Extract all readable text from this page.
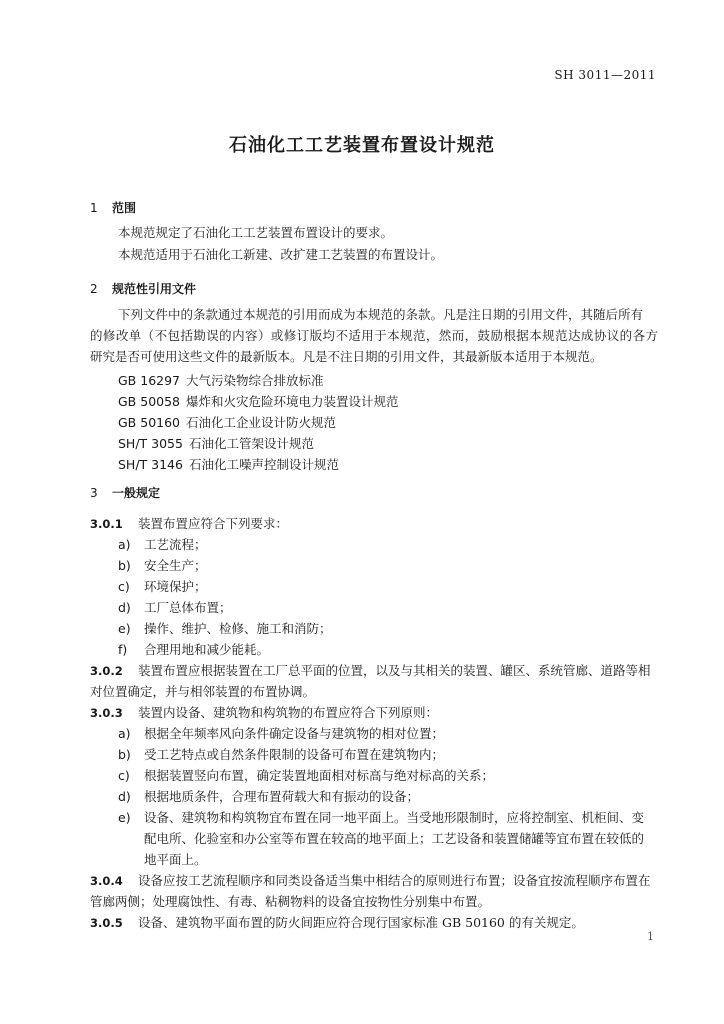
SH 3011—2011
石油化工工艺装置布置设计规范
1 范围
本规范规定了石油化工工艺装置布置设计的要求。
本规范适用于石油化工新建、改扩建工艺装置的布置设计。
2 规范性引用文件
下列文件中的条款通过本规范的引用而成为本规范的条款。凡是注日期的引用文件，其随后所有
的修改单（不包括勘误的内容）或修订版均不适用于本规范，然而，鼓励根据本规范达成协议的各方
研究是否可使用这些文件的最新版本。凡是不注日期的引用文件，其最新版本适用于本规范。
GB 16297 大气污染物综合排放标准
GB 50058 爆炸和火灾危险环境电力装置设计规范
GB 50160 石油化工企业设计防火规范
SH/T 3055 石油化工管架设计规范
SH/T 3146 石油化工噪声控制设计规范
3 一般规定
3.0.1 装置布置应符合下列要求：
a) 工艺流程；
b) 安全生产；
c) 环境保护；
d) 工厂总体布置；
e) 操作、维护、检修、施工和消防；
f) 合理用地和减少能耗。
3.0.2 装置布置应根据装置在工厂总平面的位置，以及与其相关的装置、罐区、系统管廊、道路等相
对位置确定，并与相邻装置的布置协调。
3.0.3 装置内设备、建筑物和构筑物的布置应符合下列原则：
a) 根据全年频率风向条件确定设备与建筑物的相对位置；
b) 受工艺特点或自然条件限制的设备可布置在建筑物内；
c) 根据装置竖向布置，确定装置地面相对标高与绝对标高的关系；
d) 根据地质条件，合理布置荷载大和有振动的设备；
e) 设备、建筑物和构筑物宜布置在同一地平面上。当受地形限制时，应将控制室、机柜间、变
配电所、化验室和办公室等布置在较高的地平面上；工艺设备和装置储罐等宜布置在较低的
地平面上。
3.0.4 设备应按工艺流程顺序和同类设备适当集中相结合的原则进行布置；设备宜按流程顺序布置在
管廊两侧；处理腐蚀性、有毒、粘稠物料的设备宜按物性分别集中布置。
3.0.5 设备、建筑物平面布置的防火间距应符合现行国家标准 GB 50160 的有关规定。
1
